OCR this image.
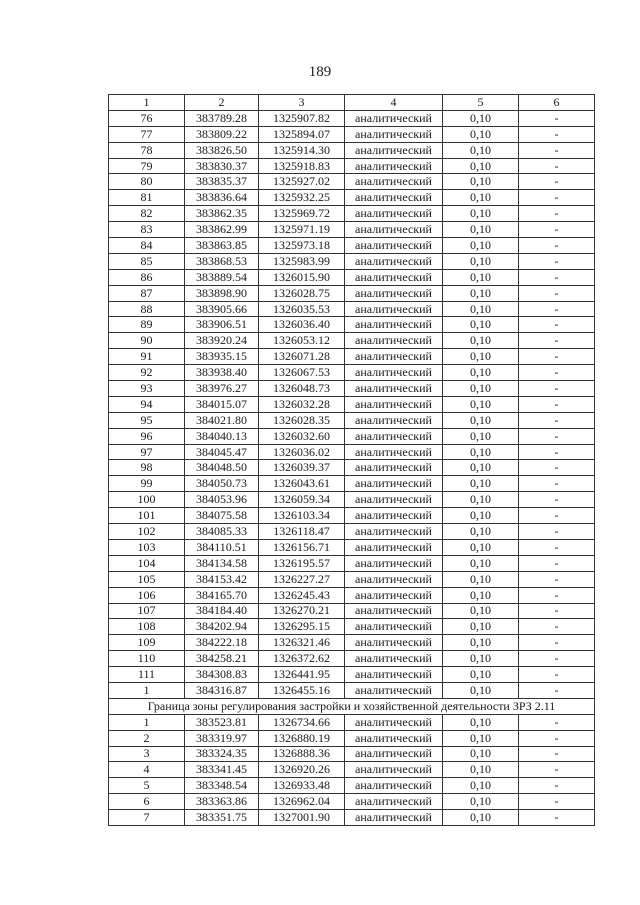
189
1	2	3	4	5	6
76	383789.28	1325907.82	аналитический	0,10	-
77	383809.22	1325894.07	аналитический	0,10	-
78	383826.50	1325914.30	аналитический	0,10	-
79	383830.37	1325918.83	аналитический	0,10	-
80	383835.37	1325927.02	аналитический	0,10	-
81	383836.64	1325932.25	аналитический	0,10	-
82	383862.35	1325969.72	аналитический	0,10	-
83	383862.99	1325971.19	аналитический	0,10	-
84	383863.85	1325973.18	аналитический	0,10	-
85	383868.53	1325983.99	аналитический	0,10	-
86	383889.54	1326015.90	аналитический	0,10	-
87	383898.90	1326028.75	аналитический	0,10	-
88	383905.66	1326035.53	аналитический	0,10	-
89	383906.51	1326036.40	аналитический	0,10	-
90	383920.24	1326053.12	аналитический	0,10	-
91	383935.15	1326071.28	аналитический	0,10	-
92	383938.40	1326067.53	аналитический	0,10	-
93	383976.27	1326048.73	аналитический	0,10	-
94	384015.07	1326032.28	аналитический	0,10	-
95	384021.80	1326028.35	аналитический	0,10	-
96	384040.13	1326032.60	аналитический	0,10	-
97	384045.47	1326036.02	аналитический	0,10	-
98	384048.50	1326039.37	аналитический	0,10	-
99	384050.73	1326043.61	аналитический	0,10	-
100	384053.96	1326059.34	аналитический	0,10	-
101	384075.58	1326103.34	аналитический	0,10	-
102	384085.33	1326118.47	аналитический	0,10	-
103	384110.51	1326156.71	аналитический	0,10	-
104	384134.58	1326195.57	аналитический	0,10	-
105	384153.42	1326227.27	аналитический	0,10	-
106	384165.70	1326245.43	аналитический	0,10	-
107	384184.40	1326270.21	аналитический	0,10	-
108	384202.94	1326295.15	аналитический	0,10	-
109	384222.18	1326321.46	аналитический	0,10	-
110	384258.21	1326372.62	аналитический	0,10	-
111	384308.83	1326441.95	аналитический	0,10	-
1	384316.87	1326455.16	аналитический	0,10	-
Граница зоны регулирования застройки и хозяйственной деятельности ЗРЗ 2.11					
1	383523.81	1326734.66	аналитический	0,10	-
2	383319.97	1326880.19	аналитический	0,10	-
3	383324.35	1326888.36	аналитический	0,10	-
4	383341.45	1326920.26	аналитический	0,10	-
5	383348.54	1326933.48	аналитический	0,10	-
6	383363.86	1326962.04	аналитический	0,10	-
7	383351.75	1327001.90	аналитический	0,10	-
